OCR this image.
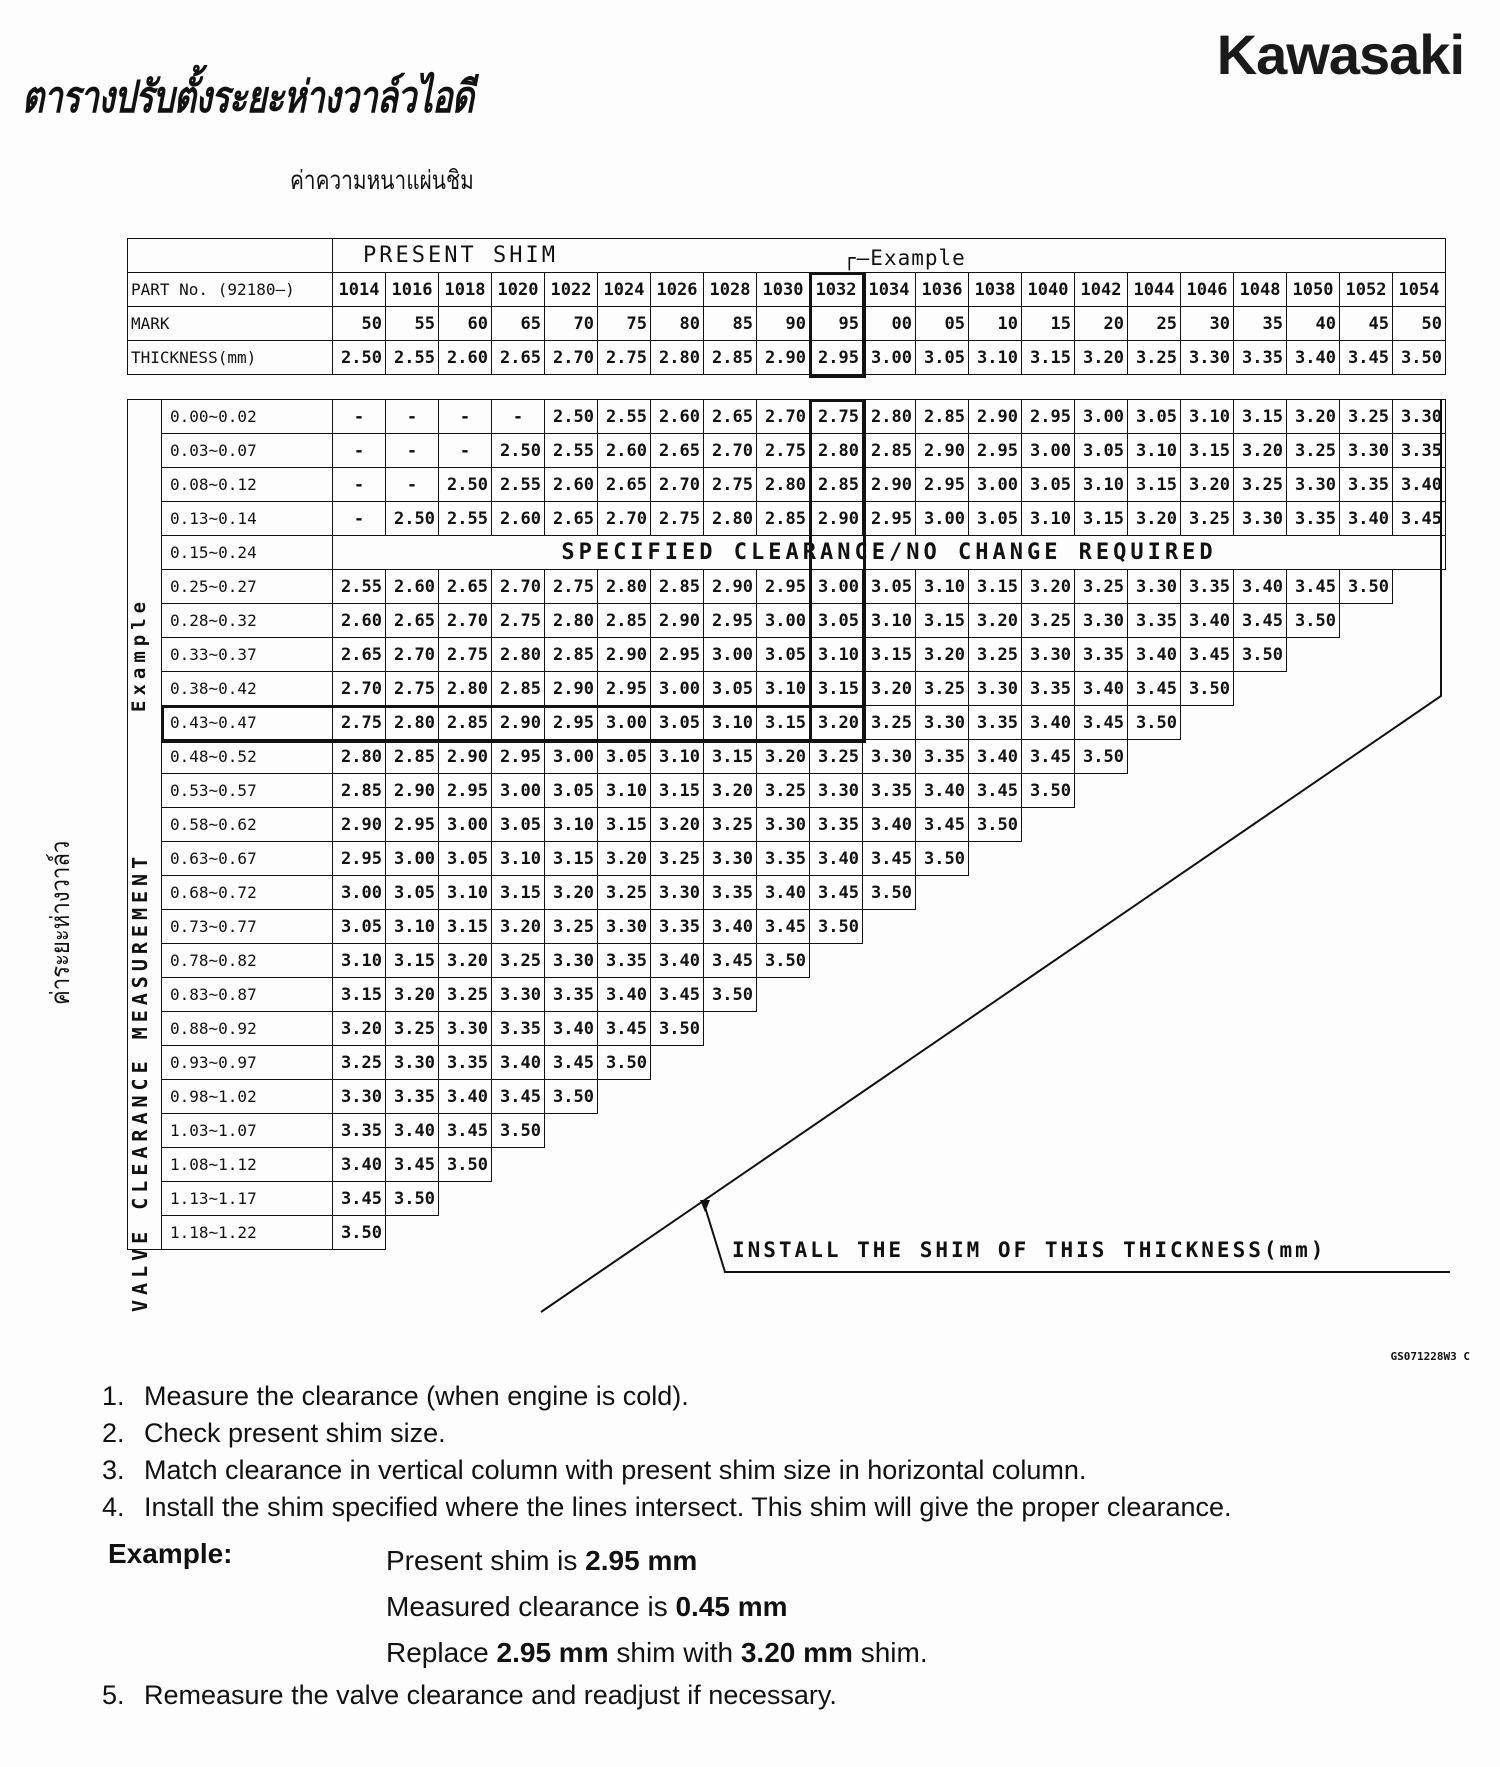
ตารางปรับตั้งระยะห่างวาล์วไอดี
Kawasaki
ค่าความหนาแผ่นชิม
ค่าระยะห่างวาล์ว
	PRESENT SHIM																				
PART No. (92180–)	1014	1016	1018	1020	1022	1024	1026	1028	1030	1032	1034	1036	1038	1040	1042	1044	1046	1048	1050	1052	1054
MARK	50	55	60	65	70	75	80	85	90	95	00	05	10	15	20	25	30	35	40	45	50
THICKNESS(mm)	2.50	2.55	2.60	2.65	2.70	2.75	2.80	2.85	2.90	2.95	3.00	3.05	3.10	3.15	3.20	3.25	3.30	3.35	3.40	3.45	3.50
┌—Example
	0.00~0.02	-	-	-	-	2.50	2.55	2.60	2.65	2.70	2.75	2.80	2.85	2.90	2.95	3.00	3.05	3.10	3.15	3.20	3.25	3.30
	0.03~0.07	-	-	-	2.50	2.55	2.60	2.65	2.70	2.75	2.80	2.85	2.90	2.95	3.00	3.05	3.10	3.15	3.20	3.25	3.30	3.35
	0.08~0.12	-	-	2.50	2.55	2.60	2.65	2.70	2.75	2.80	2.85	2.90	2.95	3.00	3.05	3.10	3.15	3.20	3.25	3.30	3.35	3.40
	0.13~0.14	-	2.50	2.55	2.60	2.65	2.70	2.75	2.80	2.85	2.90	2.95	3.00	3.05	3.10	3.15	3.20	3.25	3.30	3.35	3.40	3.45
	0.15~0.24	SPECIFIED CLEARANCE/NO CHANGE REQUIRED																				
	0.25~0.27	2.55	2.60	2.65	2.70	2.75	2.80	2.85	2.90	2.95	3.00	3.05	3.10	3.15	3.20	3.25	3.30	3.35	3.40	3.45	3.50	
	0.28~0.32	2.60	2.65	2.70	2.75	2.80	2.85	2.90	2.95	3.00	3.05	3.10	3.15	3.20	3.25	3.30	3.35	3.40	3.45	3.50		
	0.33~0.37	2.65	2.70	2.75	2.80	2.85	2.90	2.95	3.00	3.05	3.10	3.15	3.20	3.25	3.30	3.35	3.40	3.45	3.50			
	0.38~0.42	2.70	2.75	2.80	2.85	2.90	2.95	3.00	3.05	3.10	3.15	3.20	3.25	3.30	3.35	3.40	3.45	3.50				
	0.43~0.47	2.75	2.80	2.85	2.90	2.95	3.00	3.05	3.10	3.15	3.20	3.25	3.30	3.35	3.40	3.45	3.50					
	0.48~0.52	2.80	2.85	2.90	2.95	3.00	3.05	3.10	3.15	3.20	3.25	3.30	3.35	3.40	3.45	3.50						
	0.53~0.57	2.85	2.90	2.95	3.00	3.05	3.10	3.15	3.20	3.25	3.30	3.35	3.40	3.45	3.50							
	0.58~0.62	2.90	2.95	3.00	3.05	3.10	3.15	3.20	3.25	3.30	3.35	3.40	3.45	3.50								
	0.63~0.67	2.95	3.00	3.05	3.10	3.15	3.20	3.25	3.30	3.35	3.40	3.45	3.50									
	0.68~0.72	3.00	3.05	3.10	3.15	3.20	3.25	3.30	3.35	3.40	3.45	3.50										
	0.73~0.77	3.05	3.10	3.15	3.20	3.25	3.30	3.35	3.40	3.45	3.50											
	0.78~0.82	3.10	3.15	3.20	3.25	3.30	3.35	3.40	3.45	3.50												
	0.83~0.87	3.15	3.20	3.25	3.30	3.35	3.40	3.45	3.50													
	0.88~0.92	3.20	3.25	3.30	3.35	3.40	3.45	3.50														
	0.93~0.97	3.25	3.30	3.35	3.40	3.45	3.50															
	0.98~1.02	3.30	3.35	3.40	3.45	3.50																
	1.03~1.07	3.35	3.40	3.45	3.50																	
	1.08~1.12	3.40	3.45	3.50																		
	1.13~1.17	3.45	3.50																			
	1.18~1.22	3.50																				
VALVE CLEARANCE MEASUREMENT
Example
INSTALL THE SHIM OF THIS THICKNESS(mm)
GS071228W3 C
1. Measure the clearance (when engine is cold).
2. Check present shim size.
3. Match clearance in vertical column with present shim size in horizontal column.
4. Install the shim specified where the lines intersect. This shim will give the proper clearance.
Example:	Present shim is 2.95 mm
Measured clearance is 0.45 mm
Replace 2.95 mm shim with 3.20 mm shim.
5. Remeasure the valve clearance and readjust if necessary.
